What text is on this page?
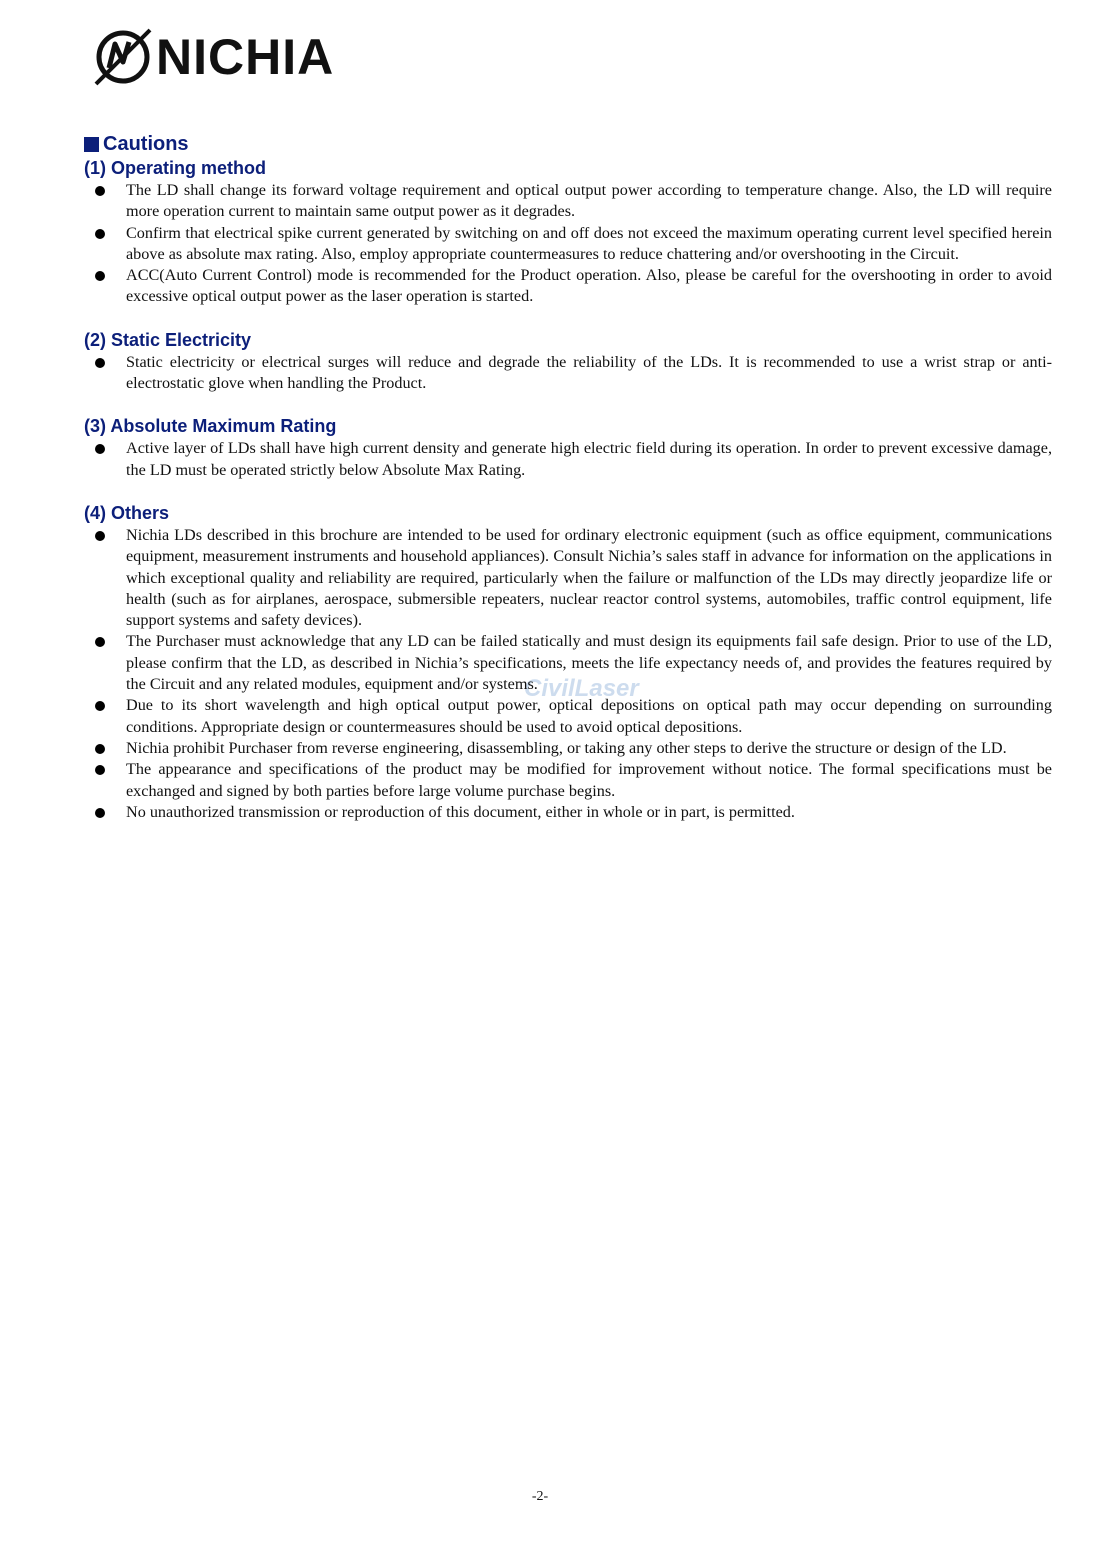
NICHIA
CivilLaser
Cautions
(1) Operating method
The LD shall change its forward voltage requirement and optical output power according to temperature change. Also, the LD will require more operation current to maintain same output power as it degrades.
Confirm that electrical spike current generated by switching on and off does not exceed the maximum operating current level specified herein above as absolute max rating. Also, employ appropriate countermeasures to reduce chattering and/or overshooting in the Circuit.
ACC(Auto Current Control) mode is recommended for the Product operation. Also, please be careful for the overshooting in order to avoid excessive optical output power as the laser operation is started.
(2) Static Electricity
Static electricity or electrical surges will reduce and degrade the reliability of the LDs. It is recommended to use a wrist strap or anti-electrostatic glove when handling the Product.
(3) Absolute Maximum Rating
Active layer of LDs shall have high current density and generate high electric field during its operation. In order to prevent excessive damage, the LD must be operated strictly below Absolute Max Rating.
(4) Others
Nichia LDs described in this brochure are intended to be used for ordinary electronic equipment (such as office equipment, communications equipment, measurement instruments and household appliances). Consult Nichia’s sales staff in advance for information on the applications in which exceptional quality and reliability are required, particularly when the failure or malfunction of the LDs may directly jeopardize life or health (such as for airplanes, aerospace, submersible repeaters, nuclear reactor control systems, automobiles, traffic control equipment, life support systems and safety devices).
The Purchaser must acknowledge that any LD can be failed statically and must design its equipments fail safe design. Prior to use of the LD, please confirm that the LD, as described in Nichia’s specifications, meets the life expectancy needs of, and provides the features required by the Circuit and any related modules, equipment and/or systems.
Due to its short wavelength and high optical output power, optical depositions on optical path may occur depending on surrounding conditions. Appropriate design or countermeasures should be used to avoid optical depositions.
Nichia prohibit Purchaser from reverse engineering, disassembling, or taking any other steps to derive the structure or design of the LD.
The appearance and specifications of the product may be modified for improvement without notice. The formal specifications must be exchanged and signed by both parties before large volume purchase begins.
No unauthorized transmission or reproduction of this document, either in whole or in part, is permitted.
-2-
